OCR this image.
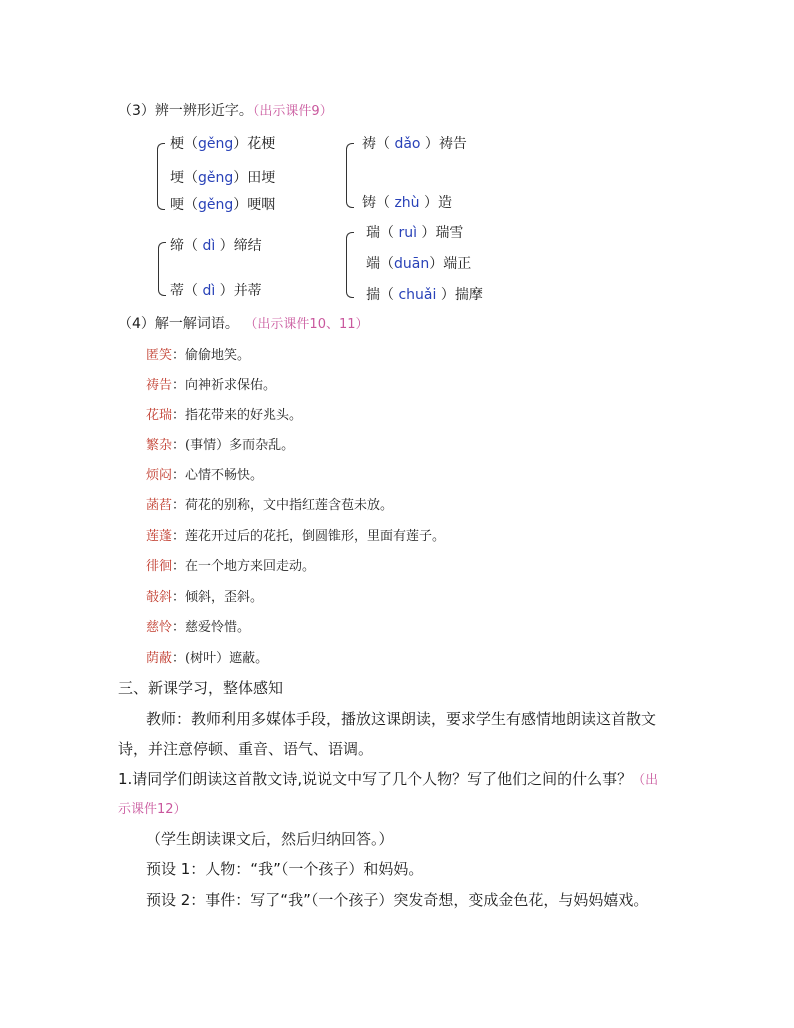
（3）辨一辨形近字。（出示课件9）
梗（gěng）花梗
埂（gěng）田埂
哽（gěng）哽咽
祷（ dǎo ）祷告
铸（ zhù ）造
缔（ dì ）缔结
蒂（ dì ）并蒂
瑞（ ruì ）瑞雪
端（duān）端正
揣（ chuǎi ）揣摩
（4）解一解词语。 （出示课件10、11）
匿笑：偷偷地笑。
祷告：向神祈求保佑。
花瑞：指花带来的好兆头。
繁杂：(事情）多而杂乱。
烦闷：心情不畅快。
菡萏：荷花的别称，文中指红莲含苞未放。
莲蓬：莲花开过后的花托，倒圆锥形，里面有莲子。
徘徊：在一个地方来回走动。
攲斜：倾斜，歪斜。
慈怜：慈爱怜惜。
荫蔽：(树叶）遮蔽。
三、新课学习，整体感知
教师：教师利用多媒体手段，播放这课朗读，要求学生有感情地朗读这首散文
诗，并注意停顿、重音、语气、语调。
1.请同学们朗读这首散文诗,说说文中写了几个人物？写了他们之间的什么事？（出
示课件12）
（学生朗读课文后，然后归纳回答。）
预设 1：人物：“我”（一个孩子）和妈妈。
预设 2：事件：写了“我”（一个孩子）突发奇想，变成金色花，与妈妈嬉戏。
